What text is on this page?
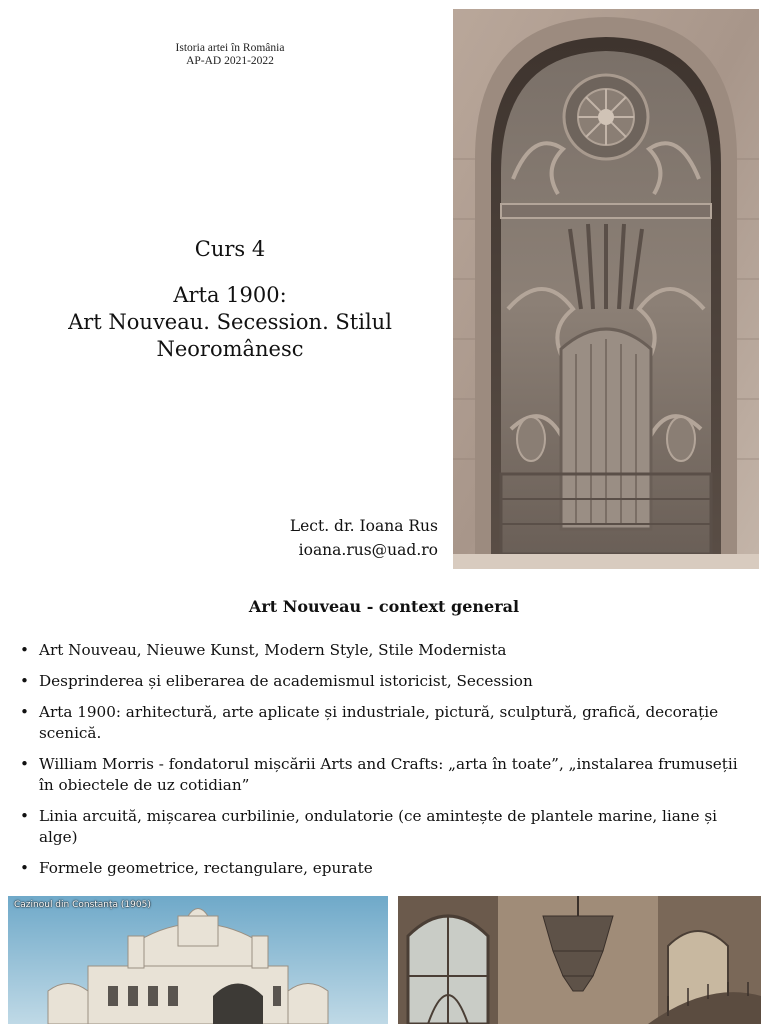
Istoria artei în România
AP-AD 2021-2022
Curs 4
Arta 1900:
Art Nouveau. Secession. Stilul
Neoromânesc
Lect. dr. Ioana Rus
ioana.rus@uad.ro
Art Nouveau - context general
• Art Nouveau, Nieuwe Kunst, Modern Style, Stile Modernista
• Desprinderea și eliberarea de academismul istoricist, Secession
• Arta 1900: arhitectură, arte aplicate și industriale, pictură, sculptură, grafică, decorație scenică.
• William Morris - fondatorul mișcării Arts and Crafts: „arta în toate”, „instalarea frumuseții în obiectele de uz cotidian”
• Linia arcuită, mișcarea curbilinie, ondulatorie (ce amintește de plantele marine, liane și alge)
• Formele geometrice, rectangulare, epurate
Cazinoul din Constanța (1905)
